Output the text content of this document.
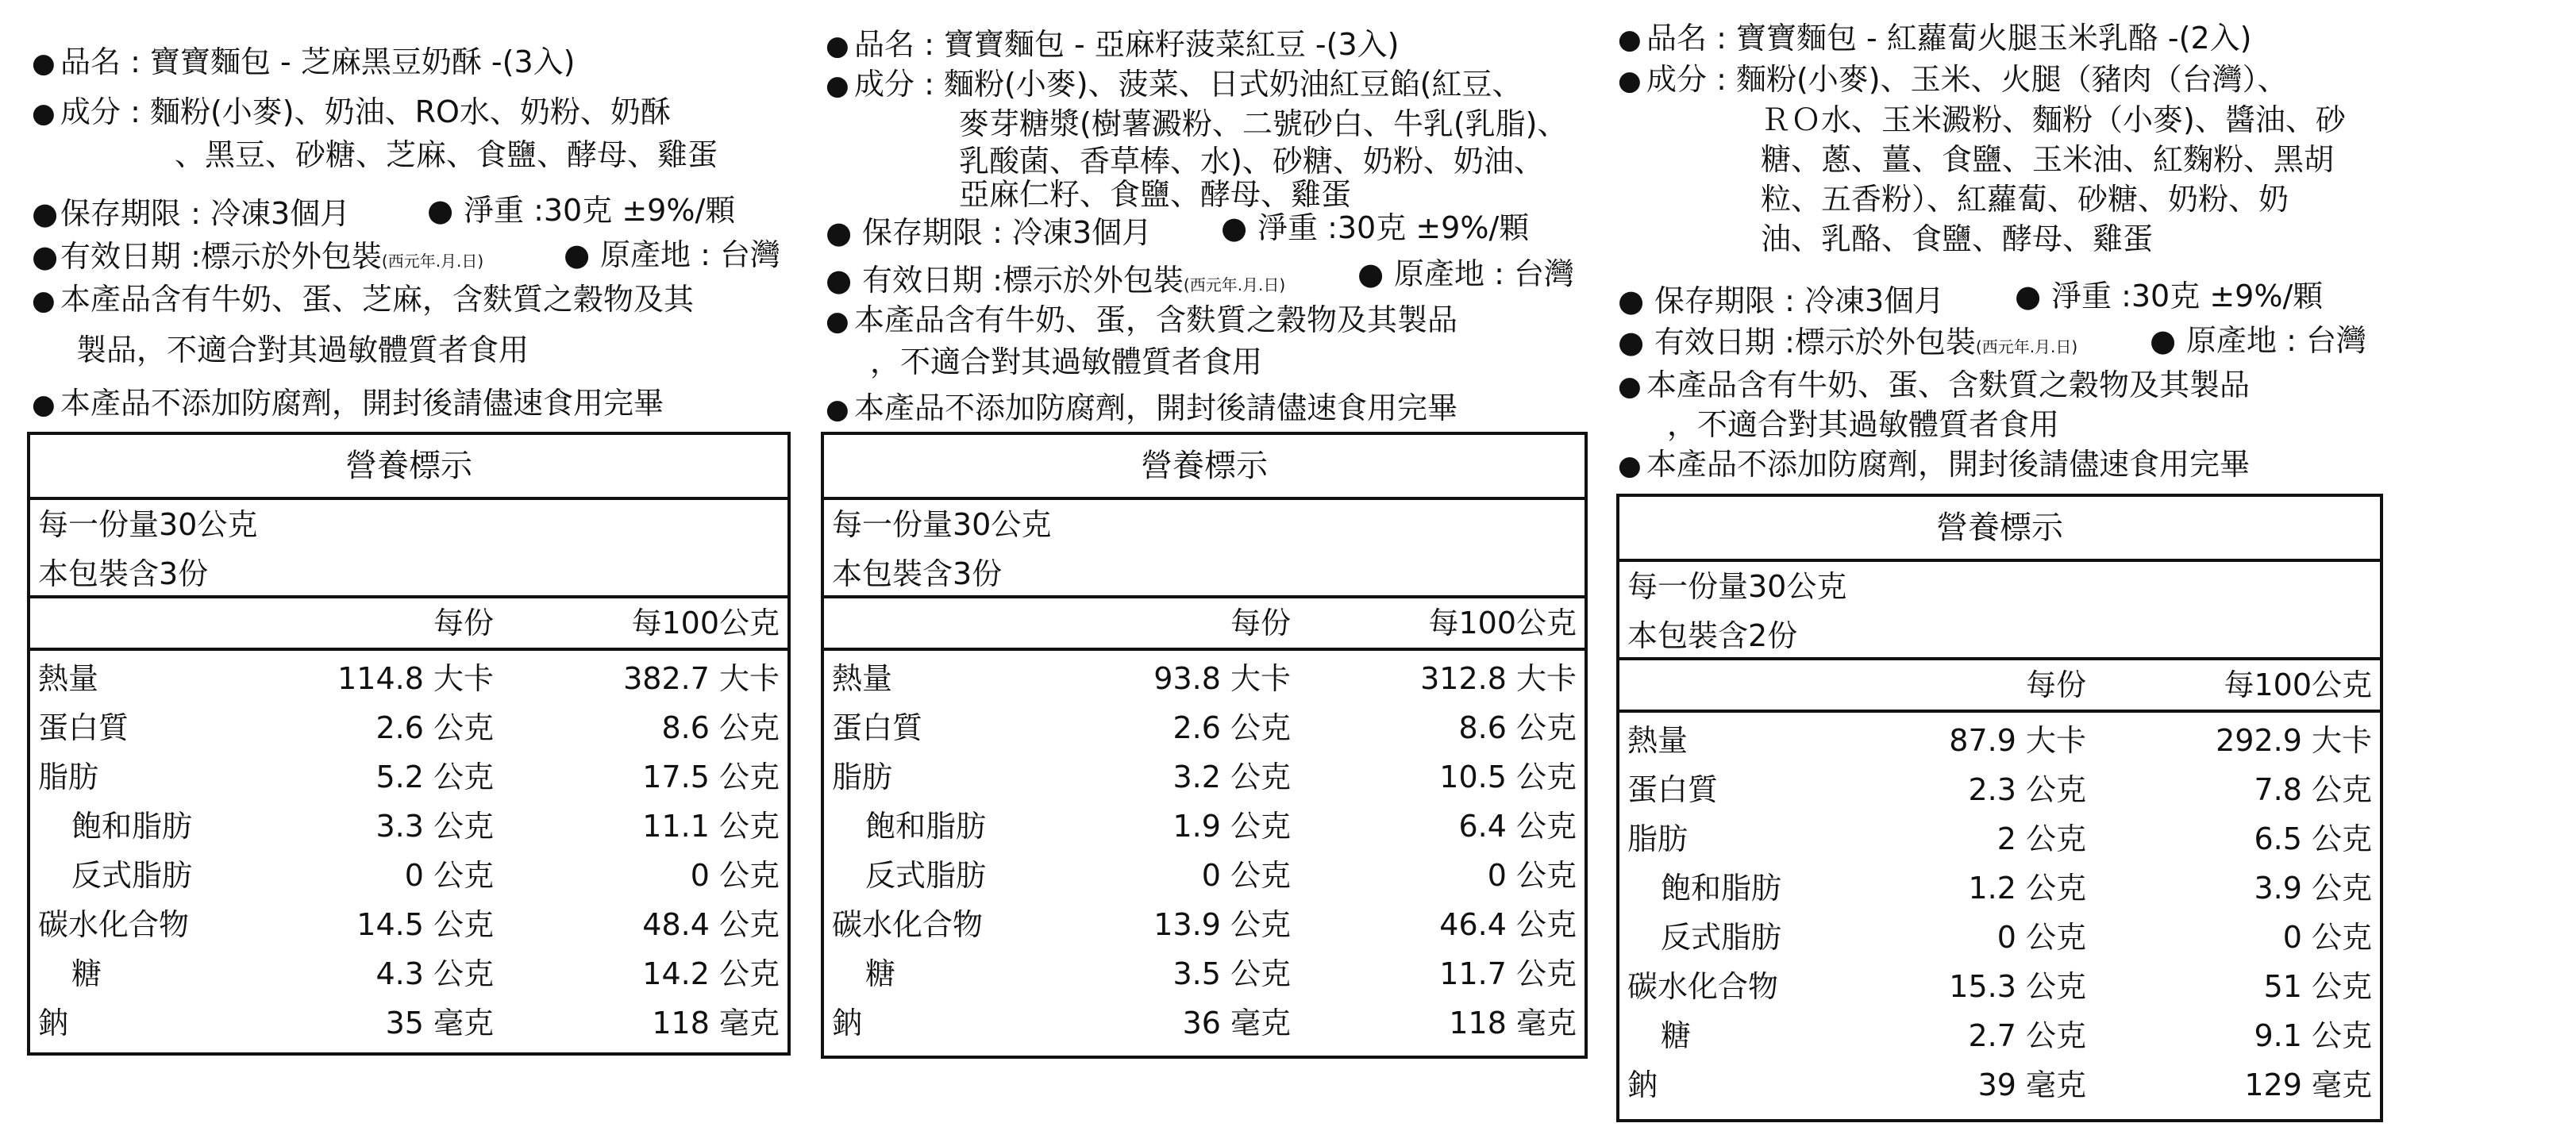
●品名 : 寶寶麵包 - 芝麻黑豆奶酥 -(3入)
●成分 : 麵粉(小麥)、奶油、RO水、奶粉、奶酥
、黑豆、砂糖、芝麻、食鹽、酵母、雞蛋
●保存期限 : 冷凍3個月	● 淨重 :30克 ±9%/顆
●有效日期 :標示於外包裝(西元年.月.日)	● 原產地 : 台灣
●本產品含有牛奶、蛋、芝麻，含麩質之穀物及其
製品，不適合對其過敏體質者食用
●本產品不添加防腐劑，開封後請儘速食用完畢
營養標示
每一份量30公克
本包裝含3份
每份	每100公克
熱量	114.8 大卡	382.7 大卡
蛋白質	2.6 公克	8.6 公克
脂肪	5.2 公克	17.5 公克
飽和脂肪	3.3 公克	11.1 公克
反式脂肪	0 公克	0 公克
碳水化合物	14.5 公克	48.4 公克
糖	4.3 公克	14.2 公克
鈉	35 毫克	118 毫克
●品名 : 寶寶麵包 - 亞麻籽菠菜紅豆 -(3入)
●成分 : 麵粉(小麥)、菠菜、日式奶油紅豆餡(紅豆、
麥芽糖漿(樹薯澱粉、二號砂白、牛乳(乳脂)、
乳酸菌、香草棒、水)、砂糖、奶粉、奶油、
亞麻仁籽、食鹽、酵母、雞蛋
● 保存期限 : 冷凍3個月 ● 淨重 :30克 ±9%/顆
● 有效日期 :標示於外包裝(西元年.月.日) ● 原產地 : 台灣
●本產品含有牛奶、蛋，含麩質之穀物及其製品
，不適合對其過敏體質者食用
●本產品不添加防腐劑，開封後請儘速食用完畢
營養標示
每一份量30公克
本包裝含3份
每份	每100公克
熱量	93.8 大卡	312.8 大卡
蛋白質	2.6 公克	8.6 公克
脂肪	3.2 公克	10.5 公克
飽和脂肪	1.9 公克	6.4 公克
反式脂肪	0 公克	0 公克
碳水化合物	13.9 公克	46.4 公克
糖	3.5 公克	11.7 公克
鈉	36 毫克	118 毫克
●品名 : 寶寶麵包 - 紅蘿蔔火腿玉米乳酪 -(2入)
●成分 : 麵粉(小麥)、玉米、火腿（豬肉（台灣）、
ＲＯ水、玉米澱粉、麵粉（小麥)、醬油、砂
糖、蔥、薑、食鹽、玉米油、紅麴粉、黑胡
粒、五香粉）、紅蘿蔔、砂糖、奶粉、奶
油、乳酪、食鹽、酵母、雞蛋
● 保存期限 : 冷凍3個月 ● 淨重 :30克 ±9%/顆
● 有效日期 :標示於外包裝(西元年.月.日) ● 原產地 : 台灣
●本產品含有牛奶、蛋、含麩質之穀物及其製品
，不適合對其過敏體質者食用
●本產品不添加防腐劑，開封後請儘速食用完畢
營養標示
每一份量30公克
本包裝含2份
每份	每100公克
熱量	87.9 大卡	292.9 大卡
蛋白質	2.3 公克	7.8 公克
脂肪	2 公克	6.5 公克
飽和脂肪	1.2 公克	3.9 公克
反式脂肪	0 公克	0 公克
碳水化合物	15.3 公克	51 公克
糖	2.7 公克	9.1 公克
鈉	39 毫克	129 毫克
